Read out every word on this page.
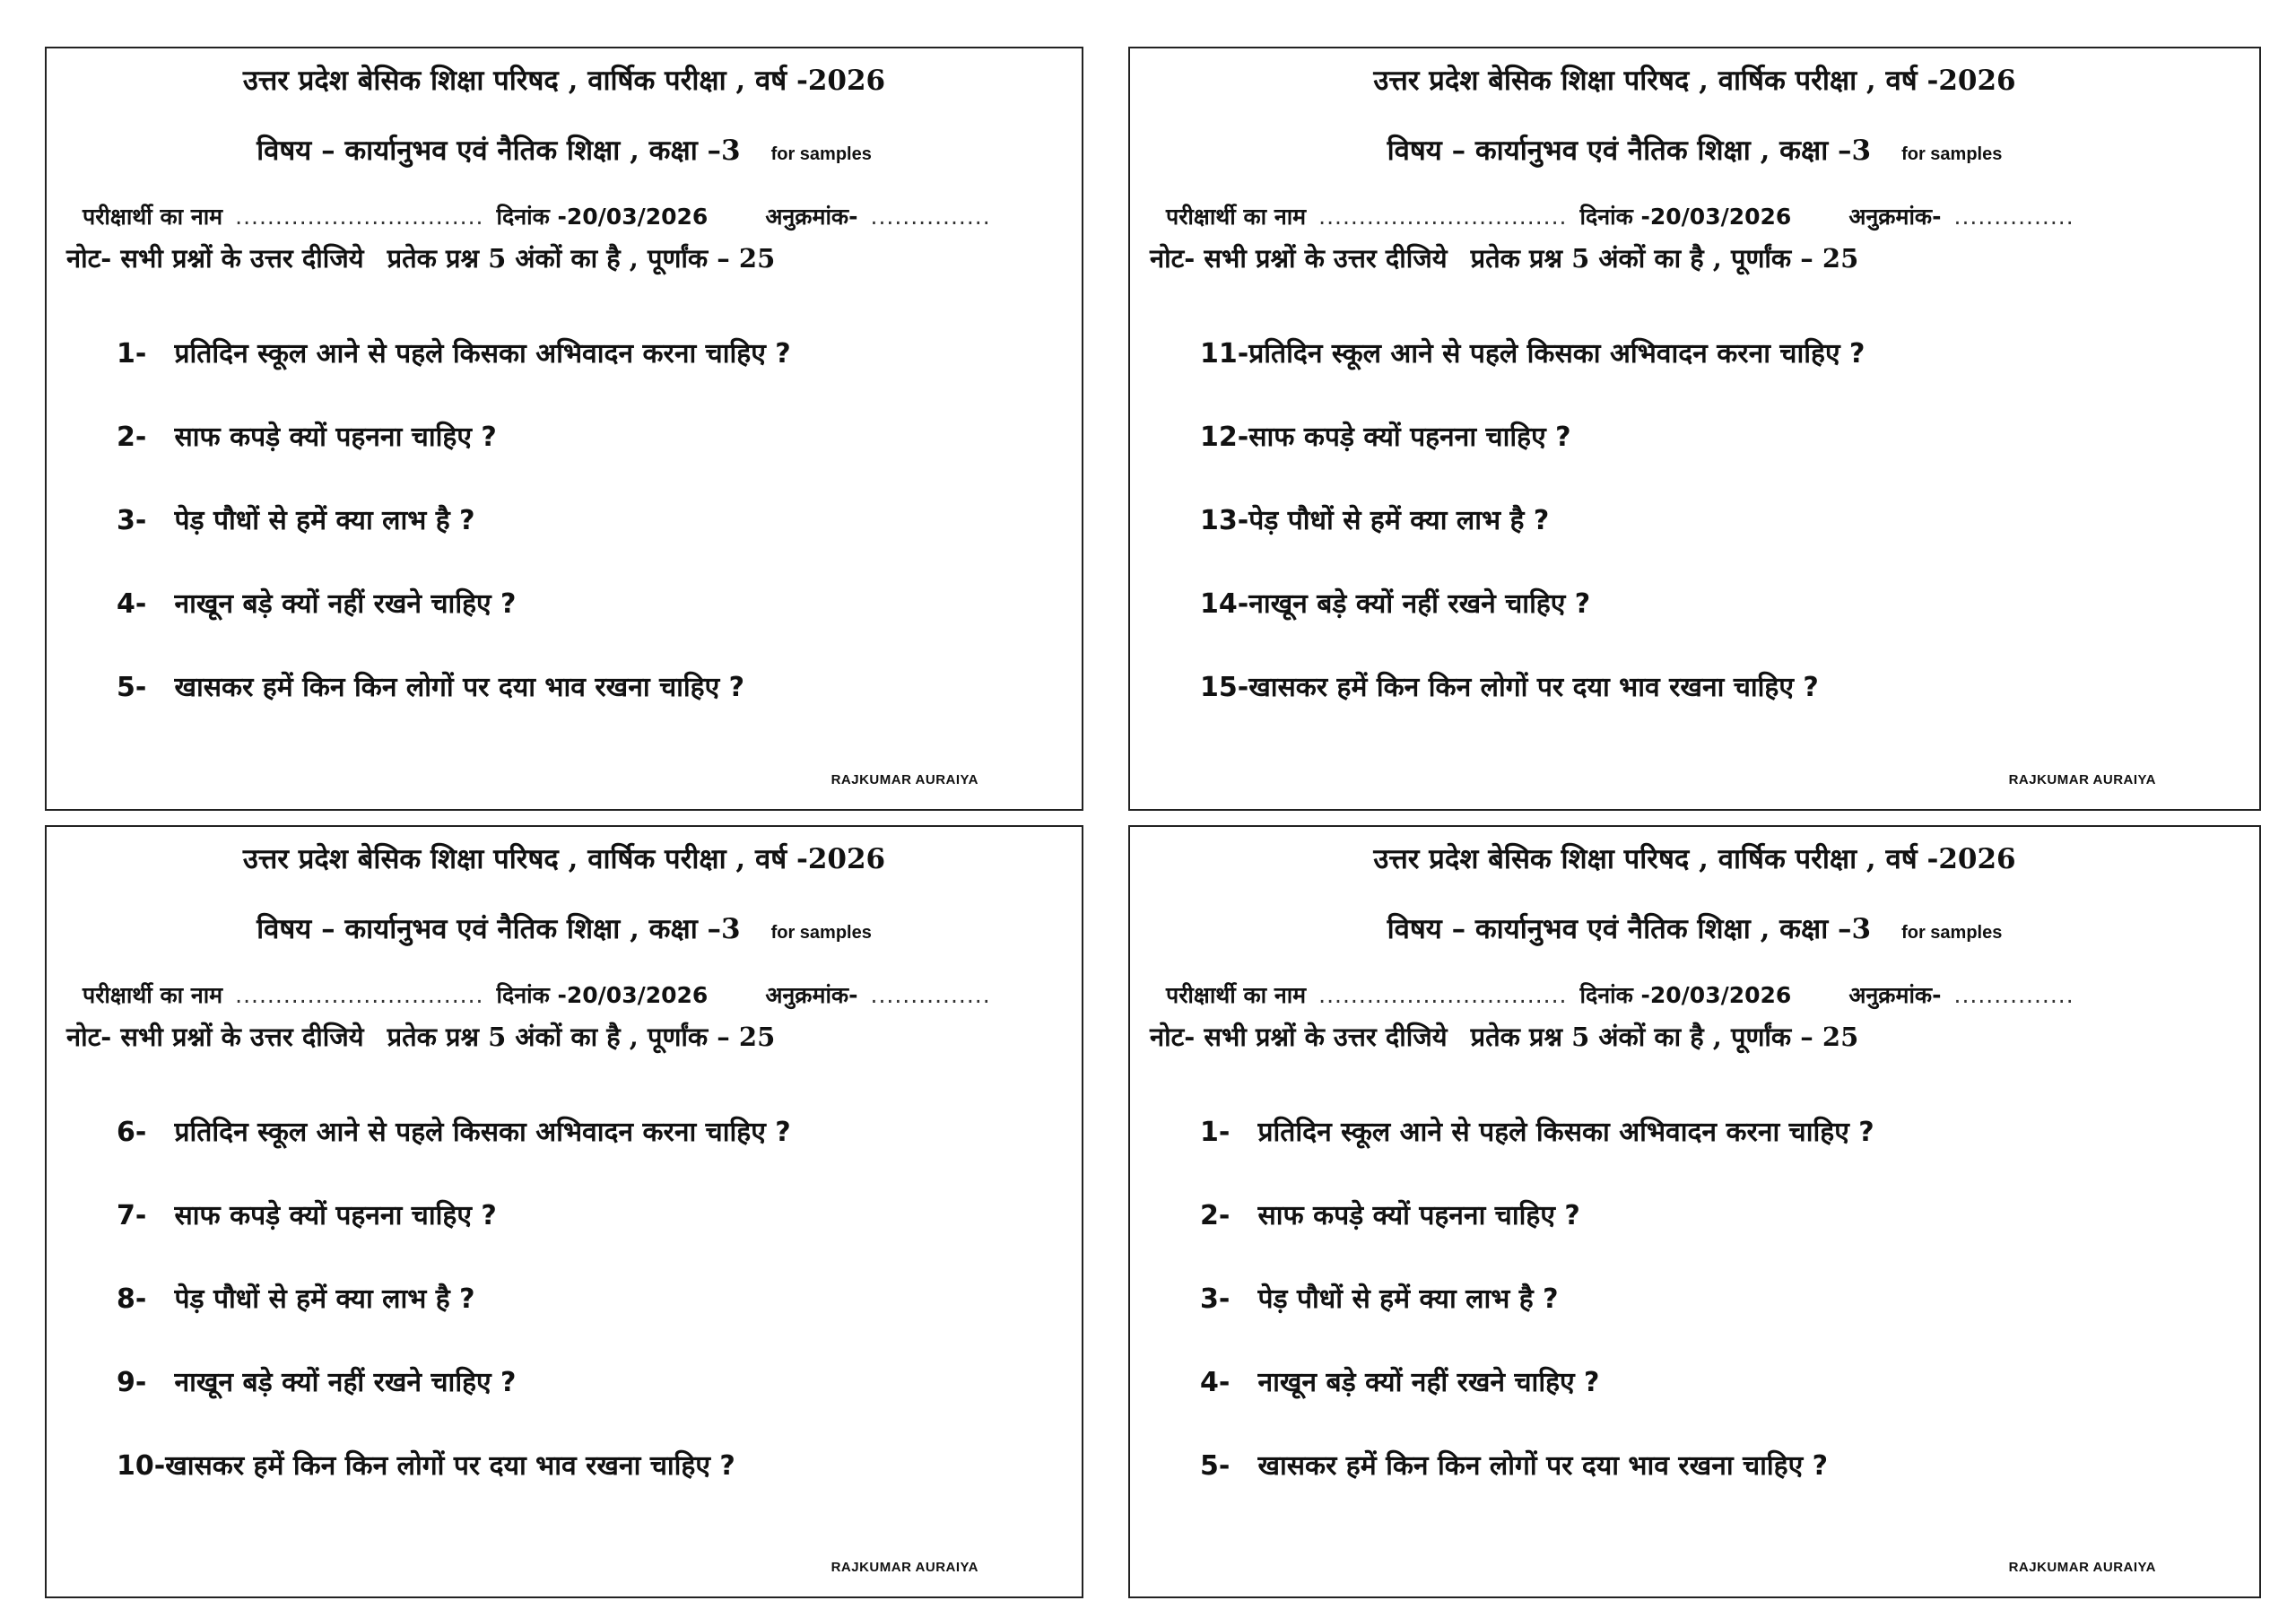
उत्तर प्रदेश बेसिक शिक्षा परिषद , वार्षिक परीक्षा , वर्ष -2026
विषय – कार्यानुभव एवं नैतिक शिक्षा , कक्षा –3 for samples
परीक्षार्थी का नाम ............................... दिनांक -20/03/2026	अनुक्रमांक- ...............
नोट- सभी प्रश्नों के उत्तर दीजिये प्रतेक प्रश्न 5 अंकों का है , पूर्णांक – 25
1- प्रतिदिन स्कूल आने से पहले किसका अभिवादन करना चाहिए ?
2- साफ कपड़े क्यों पहनना चाहिए ?
3- पेड़ पौधों से हमें क्या लाभ है ?
4- नाखून बड़े क्यों नहीं रखने चाहिए ?
5- खासकर हमें किन किन लोगों पर दया भाव रखना चाहिए ?
RAJKUMAR AURAIYA
उत्तर प्रदेश बेसिक शिक्षा परिषद , वार्षिक परीक्षा , वर्ष -2026
विषय – कार्यानुभव एवं नैतिक शिक्षा , कक्षा –3 for samples
परीक्षार्थी का नाम ............................... दिनांक -20/03/2026	अनुक्रमांक- ...............
नोट- सभी प्रश्नों के उत्तर दीजिये प्रतेक प्रश्न 5 अंकों का है , पूर्णांक – 25
11-प्रतिदिन स्कूल आने से पहले किसका अभिवादन करना चाहिए ?
12-साफ कपड़े क्यों पहनना चाहिए ?
13-पेड़ पौधों से हमें क्या लाभ है ?
14-नाखून बड़े क्यों नहीं रखने चाहिए ?
15-खासकर हमें किन किन लोगों पर दया भाव रखना चाहिए ?
RAJKUMAR AURAIYA
उत्तर प्रदेश बेसिक शिक्षा परिषद , वार्षिक परीक्षा , वर्ष -2026
विषय – कार्यानुभव एवं नैतिक शिक्षा , कक्षा –3 for samples
परीक्षार्थी का नाम ............................... दिनांक -20/03/2026	अनुक्रमांक- ...............
नोट- सभी प्रश्नों के उत्तर दीजिये प्रतेक प्रश्न 5 अंकों का है , पूर्णांक – 25
6- प्रतिदिन स्कूल आने से पहले किसका अभिवादन करना चाहिए ?
7- साफ कपड़े क्यों पहनना चाहिए ?
8- पेड़ पौधों से हमें क्या लाभ है ?
9- नाखून बड़े क्यों नहीं रखने चाहिए ?
10-खासकर हमें किन किन लोगों पर दया भाव रखना चाहिए ?
RAJKUMAR AURAIYA
उत्तर प्रदेश बेसिक शिक्षा परिषद , वार्षिक परीक्षा , वर्ष -2026
विषय – कार्यानुभव एवं नैतिक शिक्षा , कक्षा –3 for samples
परीक्षार्थी का नाम ............................... दिनांक -20/03/2026	अनुक्रमांक- ...............
नोट- सभी प्रश्नों के उत्तर दीजिये प्रतेक प्रश्न 5 अंकों का है , पूर्णांक – 25
1- प्रतिदिन स्कूल आने से पहले किसका अभिवादन करना चाहिए ?
2- साफ कपड़े क्यों पहनना चाहिए ?
3- पेड़ पौधों से हमें क्या लाभ है ?
4- नाखून बड़े क्यों नहीं रखने चाहिए ?
5- खासकर हमें किन किन लोगों पर दया भाव रखना चाहिए ?
RAJKUMAR AURAIYA
